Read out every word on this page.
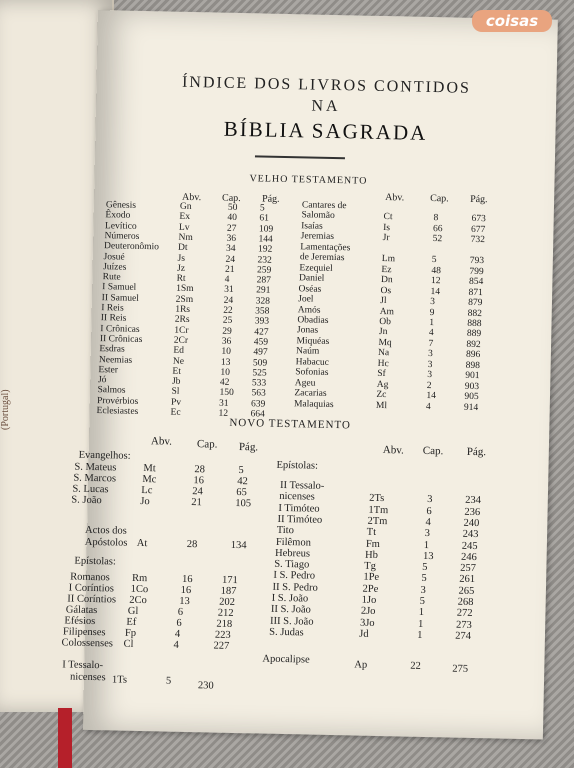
(Portugal)
ÍNDICE DOS LIVROS CONTIDOS
NA
BÍBLIA SAGRADA
VELHO TESTAMENTO
Abv. Cap. Pág.	Abv.	Cap. Pág.
Gênesis	Gn	50 5
Êxodo	Ex	40 61
Levítico	Lv	27 109
Números	Nm	36 144
Deuteronômio Dt	34 192
Josué	Js	24 232
Juízes	Jz	21 259
Rute	Rt	4	287
I Samuel	1Sm	31 291
II Samuel	2Sm	24 328
I Reis	1Rs	22 358
II Reis	2Rs	25 393
I Crônicas	1Cr	29 427
II Crônicas	2Cr	36 459
Esdras	Ed	10 497
Neemias	Ne	13 509
Ester	Et	10 525
Jó	Jb	42 533
Salmos	Sl	150 563
Provérbios	Pv	31 639
Eclesiastes	Ec	12 664
Cantares de
Salomão	Ct	8	673
Isaías	Is	66	677
Jeremias	Jr	52	732
Lamentações
de Jeremias	Lm	5	793
Ezequiel	Ez	48	799
Daniel	Dn	12	854
Oséas	Os	14	871
Joel	Jl	3	879
Amós	Am	9	882
Obadias	Ob	1	888
Jonas	Jn	4	889
Miquéas	Mq	7	892
Naúm	Na	3	896
Habacuc	Hc	3	898
Sofonias	Sf	3	901
Ageu	Ag	2	903
Zacarias	Zc	14	905
Malaquias	Ml	4	914
NOVO TESTAMENTO
Abv. Cap. Pág.	Abv. Cap. Pág.
Evangelhos:
S. Mateus	Mt	28	5
S. Marcos Mc	16	42
S. Lucas	Lc	24	65
S. João	Jo	21	105
Actos dos
Apóstolos At	28	134
Epístolas:
Romanos Rm	16	171
I Coríntios 1Co	16	187
II Coríntios 2Co	13	202
Gálatas	Gl	6	212
Efésios	Ef	6	218
Filipenses Fp	4	223
Colossenses Cl	4	227
I Tessalo-
nicenses 1Ts	5	230
Epístolas:
II Tessalo-
nicenses	2Ts	3	234
I Timóteo	1Tm	6	236
II Timóteo	2Tm	4	240
Tito	Tt	3	243
Filêmon	Fm	1	245
Hebreus	Hb	13	246
S. Tiago	Tg	5	257
I S. Pedro	1Pe	5	261
II S. Pedro	2Pe	3	265
I S. João	1Jo	5	268
II S. João	2Jo	1	272
III S. João	3Jo	1	273
S. Judas	Jd	1	274
Apocalipse	Ap	22	275
coisas
